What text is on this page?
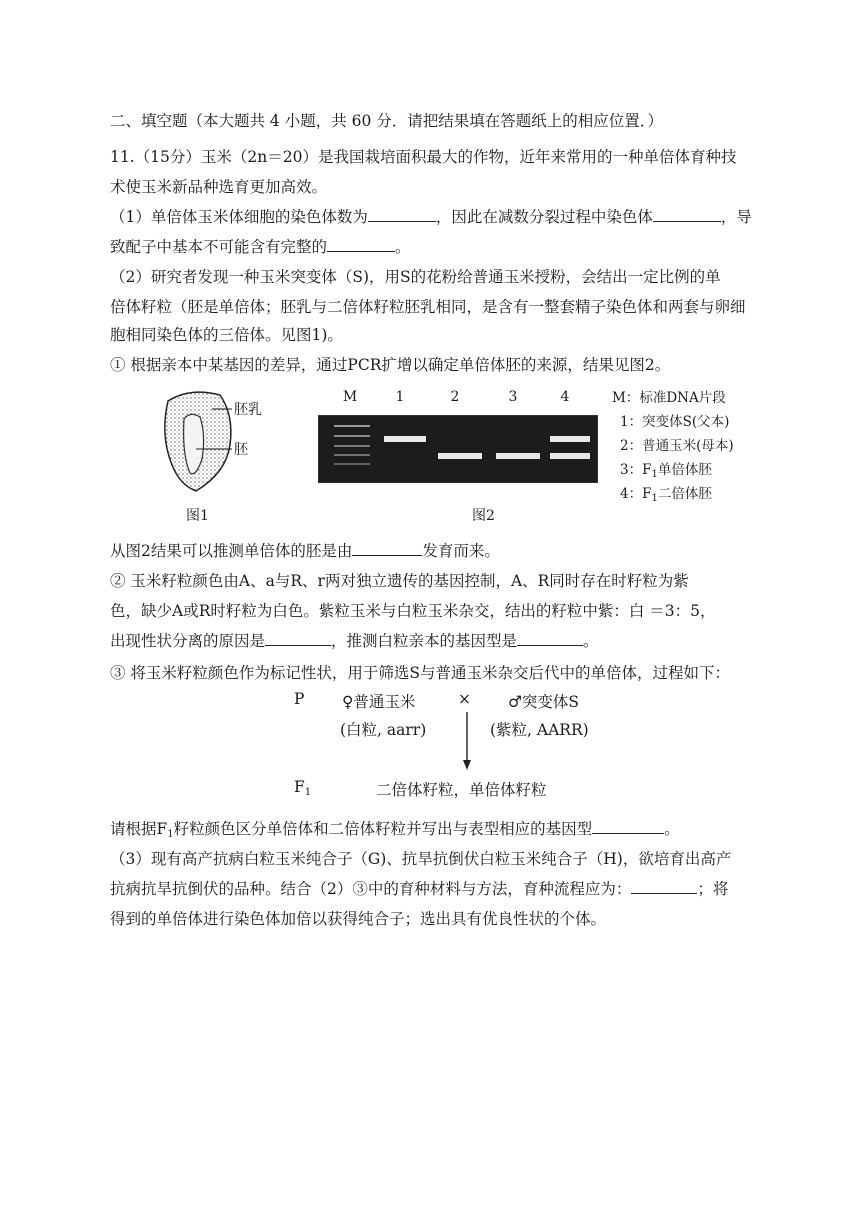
二、填空题（本大题共 4 小题，共 60 分．请把结果填在答题纸上的相应位置．）
11.（15分）玉米（2n＝20）是我国栽培面积最大的作物，近年来常用的一种单倍体育种技
术使玉米新品种选育更加高效。
（1）单倍体玉米体细胞的染色体数为	，因此在减数分裂过程中染色体	，导
致配子中基本不可能含有完整的	。
（2）研究者发现一种玉米突变体（S)，用S的花粉给普通玉米授粉，会结出一定比例的单
倍体籽粒（胚是单倍体；胚乳与二倍体籽粒胚乳相同，是含有一整套精子染色体和两套与卵细
胞相同染色体的三倍体。见图1)。
① 根据亲本中某基因的差异，通过PCR扩增以确定单倍体胚的来源，结果见图2。
胚乳
胚
图1
M	1	2	3	4
图2
M：标准DNA片段
1：突变体S(父本)
2：普通玉米(母本)
3：$F_1$单倍体胚
4：$F_1$二倍体胚
从图2结果可以推测单倍体的胚是由	发育而来。
② 玉米籽粒颜色由A、a与R、r两对独立遗传的基因控制，A、R同时存在时籽粒为紫
色，缺少A或R时籽粒为白色。紫粒玉米与白粒玉米杂交，结出的籽粒中紫：白 ＝3：5，
出现性状分离的原因是	，推测白粒亲本的基因型是	。
③ 将玉米籽粒颜色作为标记性状，用于筛选S与普通玉米杂交后代中的单倍体，过程如下：
P ♀普通玉米	× ♂突变体S
(白粒, aarr)	(紫粒, AARR)
$F_1$	二倍体籽粒，单倍体籽粒
请根据$F_1$籽粒颜色区分单倍体和二倍体籽粒并写出与表型相应的基因型	。
（3）现有高产抗病白粒玉米纯合子（G)、抗旱抗倒伏白粒玉米纯合子（H)，欲培育出高产
抗病抗旱抗倒伏的品种。结合（2）③中的育种材料与方法，育种流程应为：	；将
得到的单倍体进行染色体加倍以获得纯合子；选出具有优良性状的个体。
